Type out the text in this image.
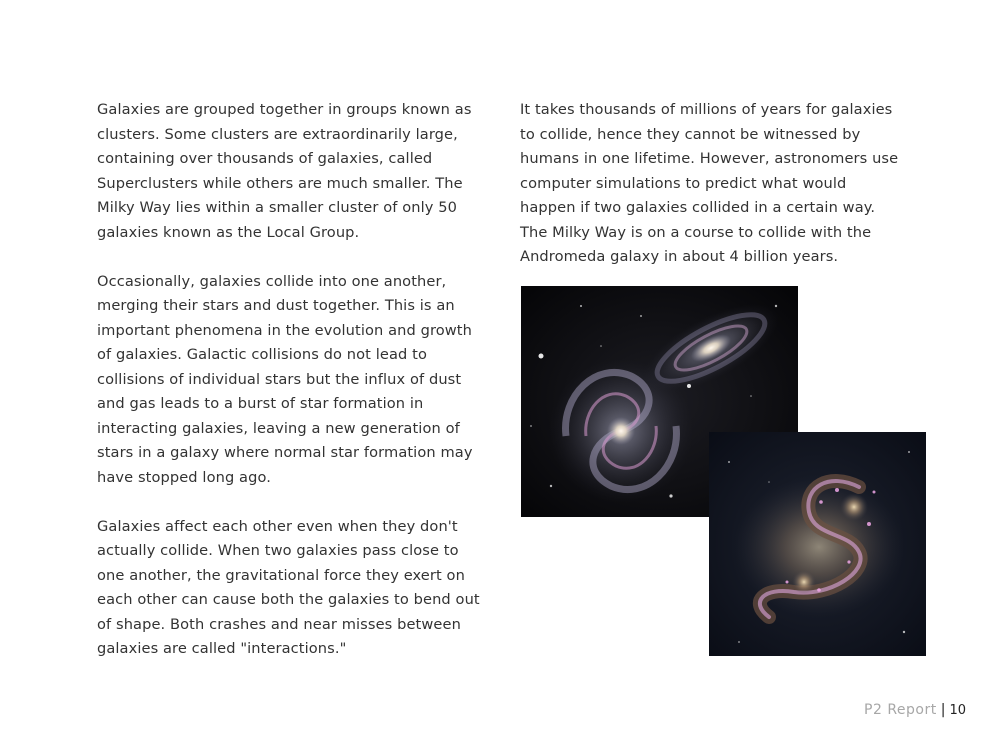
Galaxies are grouped together in groups known as clusters. Some clusters are extraordinarily large, containing over thousands of galaxies, called Superclusters while others are much smaller. The Milky Way lies within a smaller cluster of only 50 galaxies known as the Local Group.

Occasionally, galaxies collide into one another, merging their stars and dust together. This is an important phenomena in the evolution and growth of galaxies. Galactic collisions do not lead to collisions of individual stars but the influx of dust and gas leads to a burst of star formation in interacting galaxies, leaving a new generation of stars in a galaxy where normal star formation may have stopped long ago.

Galaxies affect each other even when they don't actually collide. When two galaxies pass close to one another, the gravitational force they exert on each other can cause both the galaxies to bend out of shape. Both crashes and near misses between galaxies are called "interactions."

It takes thousands of millions of years for galaxies to collide, hence they cannot be witnessed by humans in one lifetime. However, astronomers use computer simulations to predict what would happen if two galaxies collided in a certain way. The Milky Way is on a course to collide with the Andromeda galaxy in about 4 billion years.

P2 Report | 10
